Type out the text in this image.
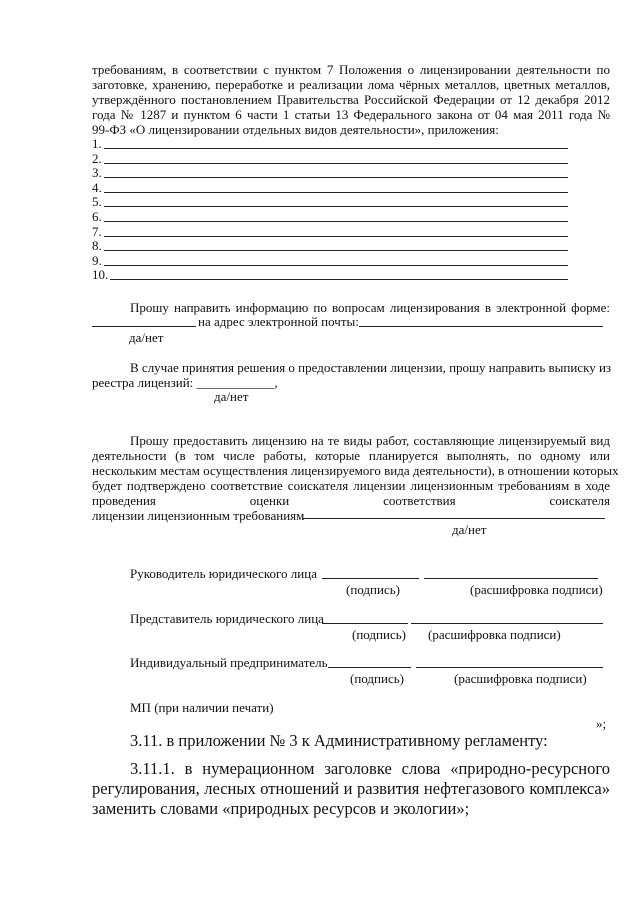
требованиям, в соответствии с пунктом 7 Положения о лицензировании деятельности по
заготовке, хранению, переработке и реализации лома чёрных металлов, цветных металлов,
утверждённого постановлением Правительства Российской Федерации от 12 декабря 2012
года № 1287 и пунктом 6 части 1 статьи 13 Федерального закона от 04 мая 2011 года №
99-ФЗ «О лицензировании отдельных видов деятельности», приложения:
1.
2.
3.
4.
5.
6.
7.
8.
9.
10.
Прошу направить информацию по вопросам лицензирования в электронной форме:
на адрес электронной почты:
да/нет
В случае принятия решения о предоставлении лицензии, прошу направить выписку из
реестра лицензий: ____________,
да/нет
Прошу предоставить лицензию на те виды работ, составляющие лицензируемый вид
деятельности (в том числе работы, которые планируется выполнять, по одному или
нескольким местам осуществления лицензируемого вида деятельности), в отношении которых
будет подтверждено соответствие соискателя лицензии лицензионным требованиям в ходе
проведения оценки соответствия соискателя
лицензии лицензионным требованиям
да/нет
Руководитель юридического лица
(подпись)	(расшифровка подписи)
Представитель юридического лица
(подпись) (расшифровка подписи)
Индивидуальный предприниматель
(подпись)	(расшифровка подписи)
МП (при наличии печати)
»;
3.11. в приложении № 3 к Административному регламенту:
3.11.1. в нумерационном заголовке слова «природно-ресурсного
регулирования, лесных отношений и развития нефтегазового комплекса»
заменить словами «природных ресурсов и экологии»;
